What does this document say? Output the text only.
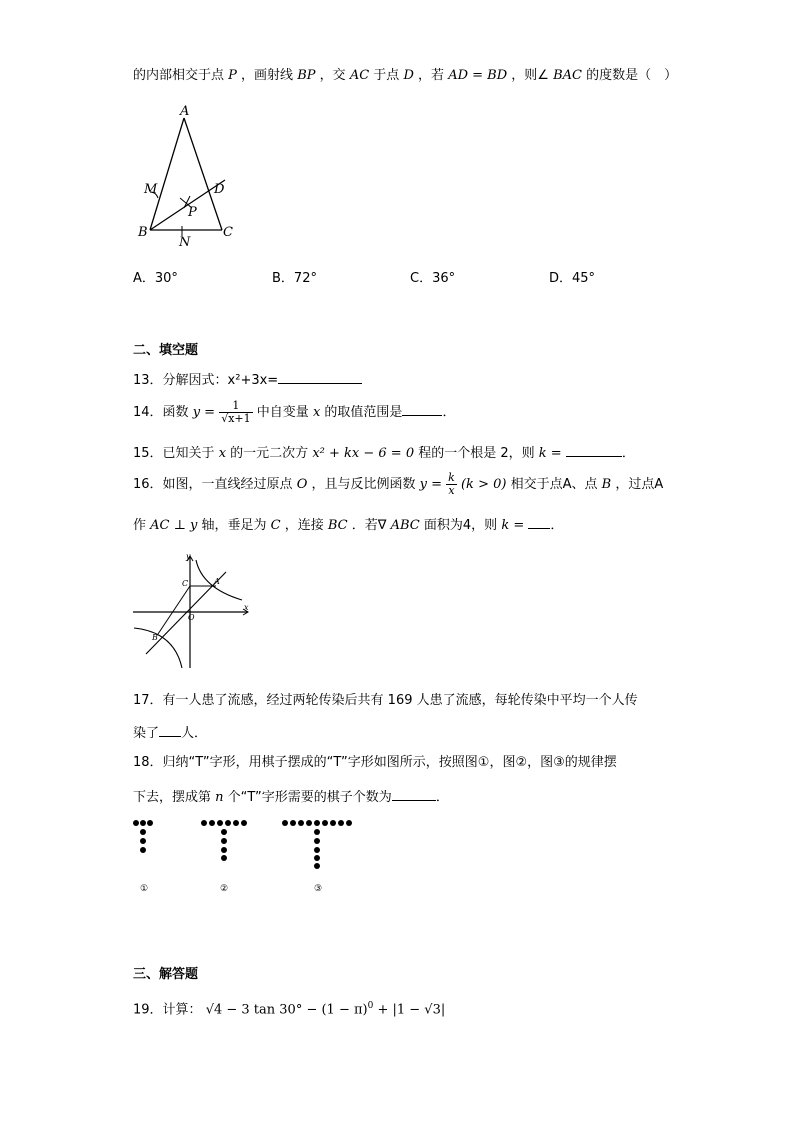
的内部相交于点 P ，画射线 BP ，交 AC 于点 D ，若 AD = BD ，则∠ BAC 的度数是（　）
A
B	C
D
M
N
P
A．30°	B．72°	C．36°	D．45°
二、填空题
13．分解因式：x²+3x=
14．函数 $y = \frac{1}{√x+1}$ 中自变量 x 的取值范围是	．
15．已知关于 x 的一元二次方 x² + kx − 6 = 0 程的一个根是 2，则 k =	．
16．如图，一直线经过原点 O ，且与反比例函数 $y = \frac{k}{x} (k > 0)$ 相交于点A、点 B ，过点A
作 AC ⊥ y 轴，垂足为 C ，连接 BC ．若∇ ABC 面积为4，则 k = ．
y
x
C	A
O
B
17．有一人患了流感，经过两轮传染后共有 169 人患了流感，每轮传染中平均一个人传
染了 人．
18．归纳“T”字形，用棋子摆成的“T”字形如图所示，按照图①，图②，图③的规律摆
下去，摆成第 n 个“T”字形需要的棋子个数为	．
①	②	③
三、解答题
19．计算： √4 − 3 $\tan 30^\circ - (1 - \pi)^0 + |1 - √3|$
